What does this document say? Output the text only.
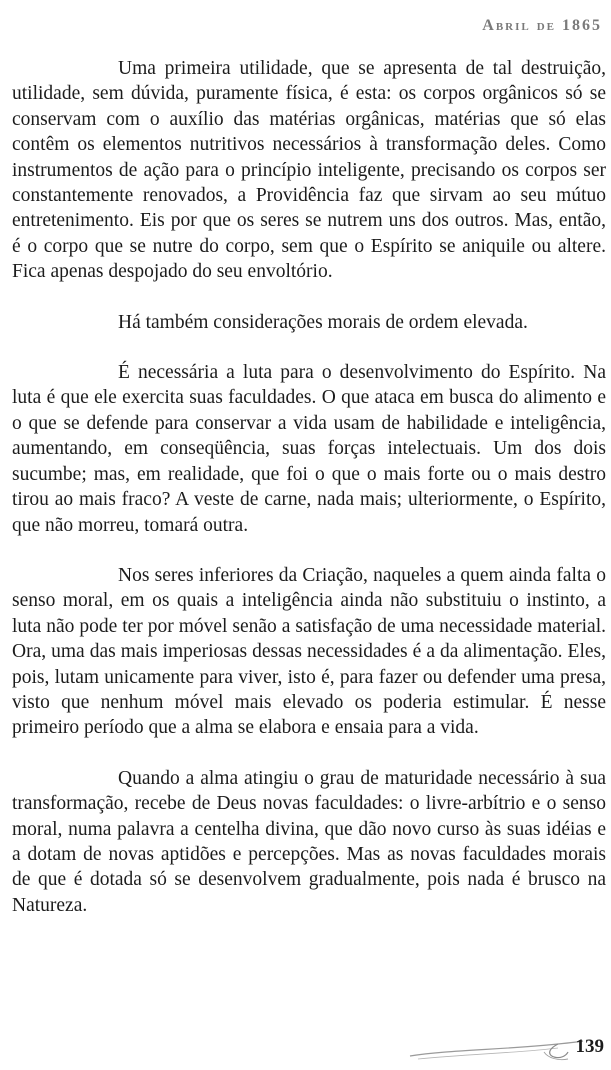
Abril de 1865

Uma primeira utilidade, que se apresenta de tal destruição, utilidade, sem dúvida, puramente física, é esta: os corpos orgânicos só se conservam com o auxílio das matérias orgânicas, matérias que só elas contêm os elementos nutritivos necessários à transformação deles. Como instrumentos de ação para o princípio inteligente, precisando os corpos ser constantemente renovados, a Providência faz que sirvam ao seu mútuo entretenimento. Eis por que os seres se nutrem uns dos outros. Mas, então, é o corpo que se nutre do corpo, sem que o Espírito se aniquile ou altere. Fica apenas despojado do seu envoltório.

Há também considerações morais de ordem elevada.

É necessária a luta para o desenvolvimento do Espírito. Na luta é que ele exercita suas faculdades. O que ataca em busca do alimento e o que se defende para conservar a vida usam de habilidade e inteligência, aumentando, em conseqüência, suas forças intelectuais. Um dos dois sucumbe; mas, em realidade, que foi o que o mais forte ou o mais destro tirou ao mais fraco? A veste de carne, nada mais; ulteriormente, o Espírito, que não morreu, tomará outra.

Nos seres inferiores da Criação, naqueles a quem ainda falta o senso moral, em os quais a inteligência ainda não substituiu o instinto, a luta não pode ter por móvel senão a satisfação de uma necessidade material. Ora, uma das mais imperiosas dessas necessidades é a da alimentação. Eles, pois, lutam unicamente para viver, isto é, para fazer ou defender uma presa, visto que nenhum móvel mais elevado os poderia estimular. É nesse primeiro período que a alma se elabora e ensaia para a vida.

Quando a alma atingiu o grau de maturidade necessário à sua transformação, recebe de Deus novas faculdades: o livre-arbítrio e o senso moral, numa palavra a centelha divina, que dão novo curso às suas idéias e a dotam de novas aptidões e percepções. Mas as novas faculdades morais de que é dotada só se desenvolvem gradualmente, pois nada é brusco na Natureza.

139
